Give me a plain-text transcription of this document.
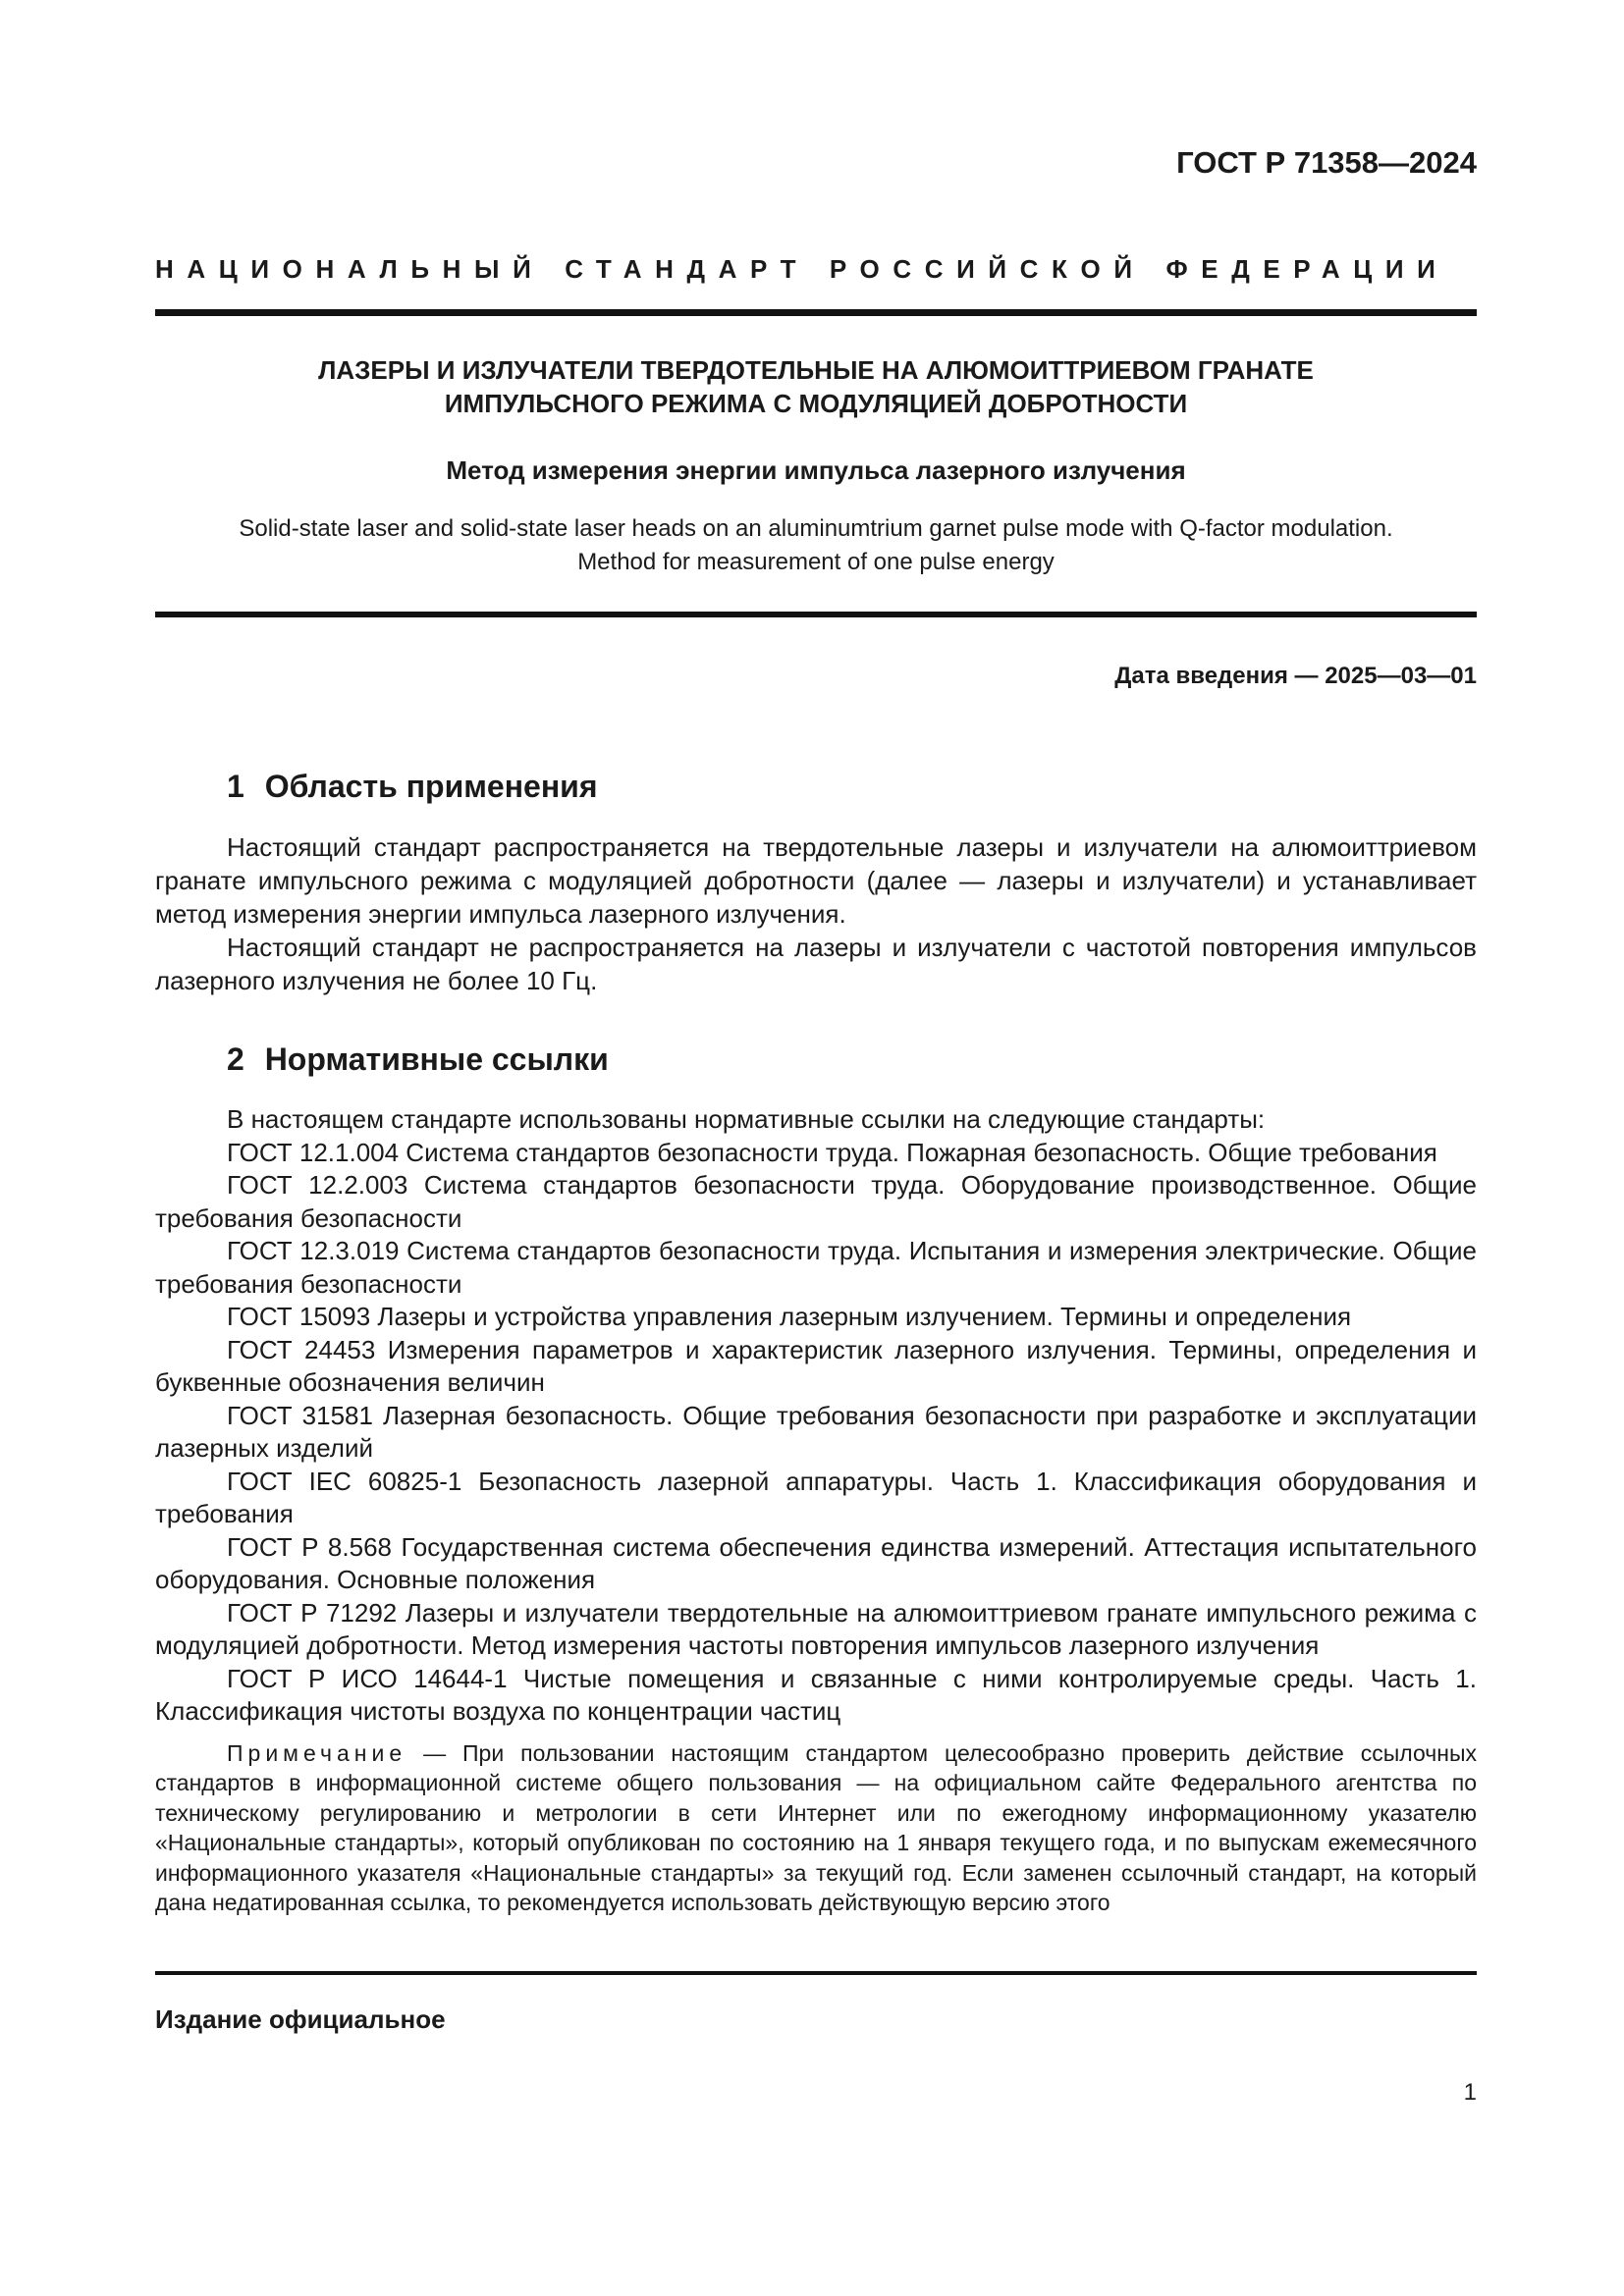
ГОСТ Р 71358—2024

НАЦИОНАЛЬНЫЙ СТАНДАРТ РОССИЙСКОЙ ФЕДЕРАЦИИ

ЛАЗЕРЫ И ИЗЛУЧАТЕЛИ ТВЕРДОТЕЛЬНЫЕ НА АЛЮМОИТТРИЕВОМ ГРАНАТЕ
ИМПУЛЬСНОГО РЕЖИМА С МОДУЛЯЦИЕЙ ДОБРОТНОСТИ

Метод измерения энергии импульса лазерного излучения

Solid-state laser and solid-state laser heads on an aluminumtrium garnet pulse mode with Q-factor modulation.
Method for measurement of one pulse energy

Дата введения — 2025—03—01

1 Область применения

Настоящий стандарт распространяется на твердотельные лазеры и излучатели на алюмоиттриевом гранате импульсного режима с модуляцией добротности (далее — лазеры и излучатели) и устанавливает метод измерения энергии импульса лазерного излучения.

Настоящий стандарт не распространяется на лазеры и излучатели с частотой повторения импульсов лазерного излучения не более 10 Гц.

2 Нормативные ссылки

В настоящем стандарте использованы нормативные ссылки на следующие стандарты:

ГОСТ 12.1.004 Система стандартов безопасности труда. Пожарная безопасность. Общие требования

ГОСТ 12.2.003 Система стандартов безопасности труда. Оборудование производственное. Общие требования безопасности

ГОСТ 12.3.019 Система стандартов безопасности труда. Испытания и измерения электрические. Общие требования безопасности

ГОСТ 15093 Лазеры и устройства управления лазерным излучением. Термины и определения

ГОСТ 24453 Измерения параметров и характеристик лазерного излучения. Термины, определения и буквенные обозначения величин

ГОСТ 31581 Лазерная безопасность. Общие требования безопасности при разработке и эксплуатации лазерных изделий

ГОСТ IEC 60825-1 Безопасность лазерной аппаратуры. Часть 1. Классификация оборудования и требования

ГОСТ Р 8.568 Государственная система обеспечения единства измерений. Аттестация испытательного оборудования. Основные положения

ГОСТ Р 71292 Лазеры и излучатели твердотельные на алюмоиттриевом гранате импульсного режима с модуляцией добротности. Метод измерения частоты повторения импульсов лазерного излучения

ГОСТ Р ИСО 14644-1 Чистые помещения и связанные с ними контролируемые среды. Часть 1. Классификация чистоты воздуха по концентрации частиц

Примечание — При пользовании настоящим стандартом целесообразно проверить действие ссылочных стандартов в информационной системе общего пользования — на официальном сайте Федерального агентства по техническому регулированию и метрологии в сети Интернет или по ежегодному информационному указателю «Национальные стандарты», который опубликован по состоянию на 1 января текущего года, и по выпускам ежемесячного информационного указателя «Национальные стандарты» за текущий год. Если заменен ссылочный стандарт, на который дана недатированная ссылка, то рекомендуется использовать действующую версию этого

Издание официальное

1
